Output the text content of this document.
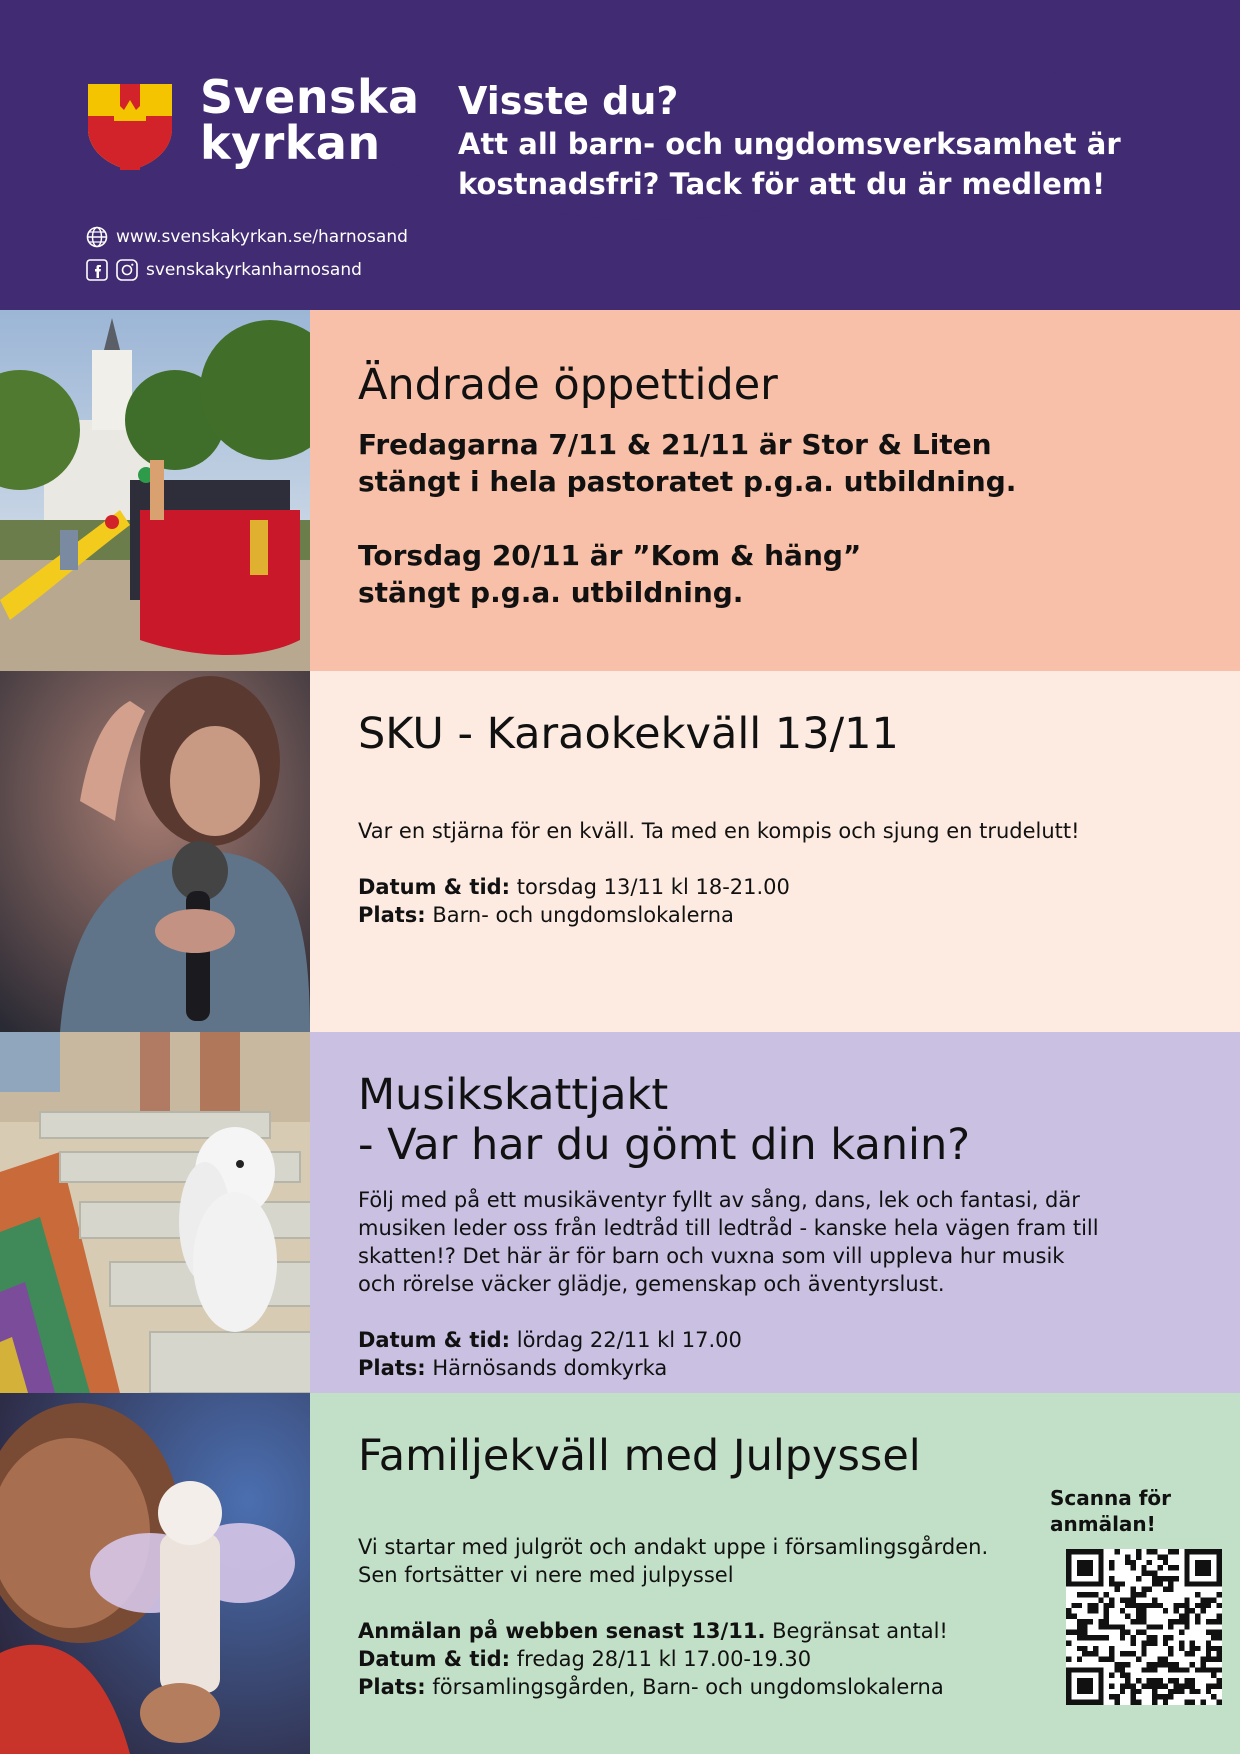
Svenska
kyrkan
Visste du?
Att all barn- och ungdomsverksamhet är kostnadsfri? Tack för att du är medlem!
www.svenskakyrkan.se/harnosand
svenskakyrkanharnosand
Ändrade öppettider

Fredagarna 7/11 & 21/11 är Stor & Liten stängt i hela pastoratet p.g.a. utbildning.

Torsdag 20/11 är ”Kom & häng” stängt p.g.a. utbildning.

SKU - Karaokekväll 13/11

Var en stjärna för en kväll. Ta med en kompis och sjung en trudelutt!

Datum & tid: torsdag 13/11 kl 18-21.00

Plats: Barn- och ungdomslokalerna

Musikskattjakt
- Var har du gömt din kanin?

Följ med på ett musikäventyr fyllt av sång, dans, lek och fantasi, där musiken leder oss från ledtråd till ledtråd - kanske hela vägen fram till skatten!? Det här är för barn och vuxna som vill uppleva hur musik och rörelse väcker glädje, gemenskap och äventyrslust.

Datum & tid: lördag 22/11 kl 17.00

Plats: Härnösands domkyrka

Familjekväll med Julpyssel

Vi startar med julgröt och andakt uppe i församlingsgården. Sen fortsätter vi nere med julpyssel

Anmälan på webben senast 13/11. Begränsat antal!

Datum & tid: fredag 28/11 kl 17.00-19.30

Plats: församlingsgården, Barn- och ungdomslokalerna

Scanna för anmälan!
